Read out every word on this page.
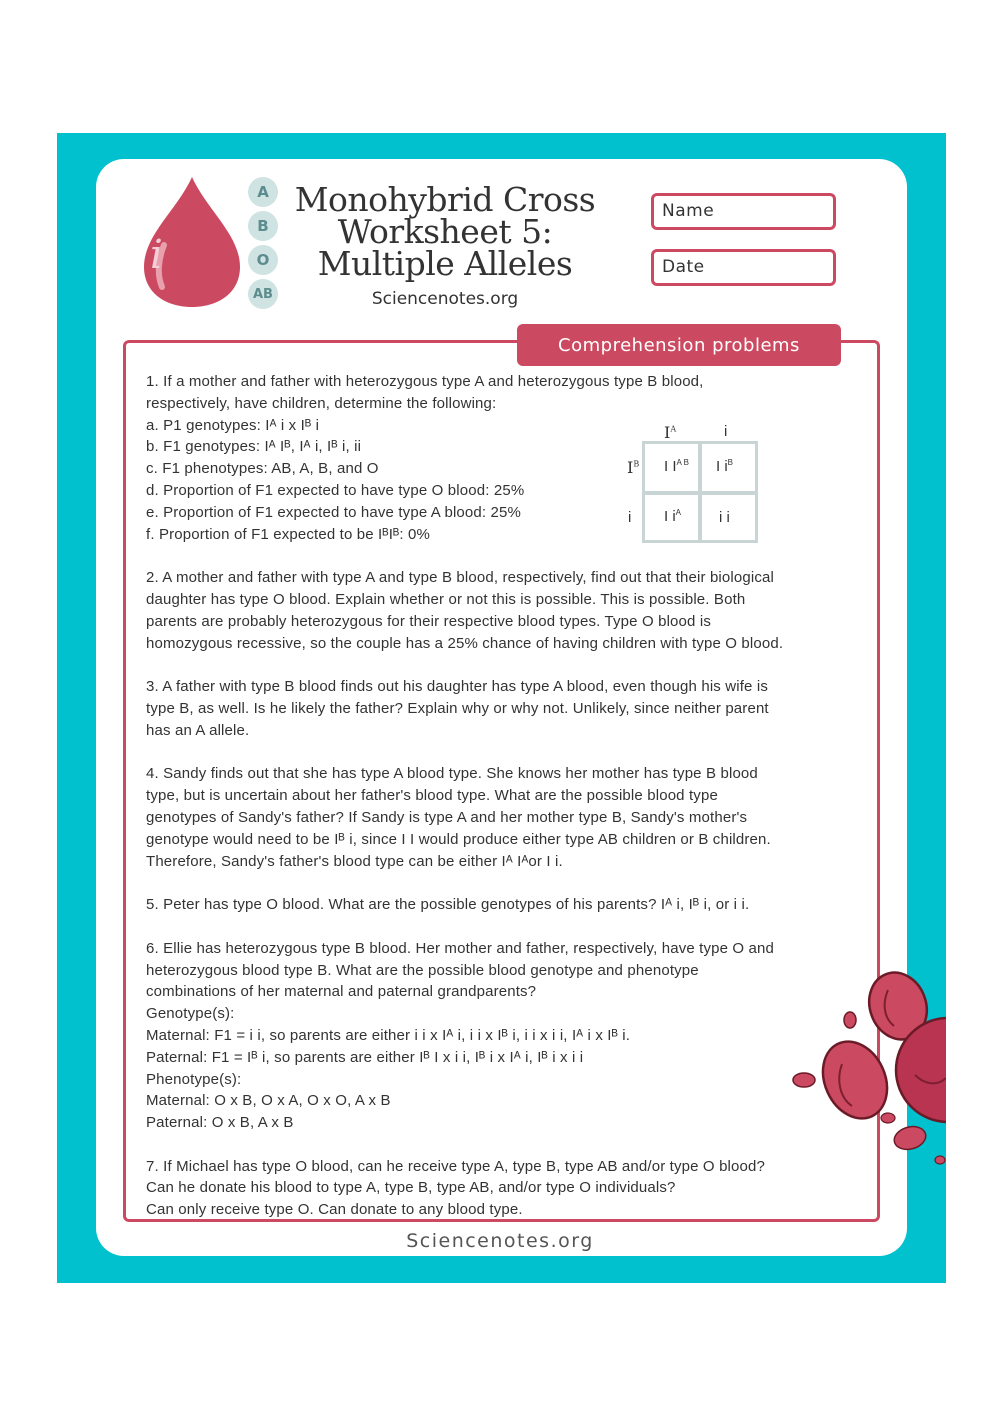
i
A
B
O
AB
Monohybrid Cross
Worksheet 5:
Multiple Alleles
Sciencenotes.org
Name
Date
Comprehension problems
$I^A$	i
$I^B$
i
I $I^{A B}$ I $i^B$
I $i^A$	i i

1. If a mother and father with heterozygous type A and heterozygous type B blood,
respectively, have children, determine the following:
a. P1 genotypes: Iᴬ i x Iᴮ i
b. F1 genotypes: Iᴬ Iᴮ, Iᴬ i, Iᴮ i, ii
c. F1 phenotypes: AB, A, B, and O
d. Proportion of F1 expected to have type O blood: 25%
e. Proportion of F1 expected to have type A blood: 25%
f. Proportion of F1 expected to be IᴮIᴮ: 0%

2. A mother and father with type A and type B blood, respectively, find out that their biological
daughter has type O blood. Explain whether or not this is possible. This is possible. Both
parents are probably heterozygous for their respective blood types. Type O blood is
homozygous recessive, so the couple has a 25% chance of having children with type O blood.

3. A father with type B blood finds out his daughter has type A blood, even though his wife is
type B, as well. Is he likely the father? Explain why or why not. Unlikely, since neither parent
has an A allele.

4. Sandy finds out that she has type A blood type. She knows her mother has type B blood
type, but is uncertain about her father's blood type. What are the possible blood type
genotypes of Sandy's father? If Sandy is type A and her mother type B, Sandy's mother's
genotype would need to be Iᴮ i, since I I would produce either type AB children or B children.
Therefore, Sandy's father's blood type can be either Iᴬ Iᴬor I i.

5. Peter has type O blood. What are the possible genotypes of his parents? Iᴬ i, Iᴮ i, or i i.

6. Ellie has heterozygous type B blood. Her mother and father, respectively, have type O and
heterozygous blood type B. What are the possible blood genotype and phenotype
combinations of her maternal and paternal grandparents?
Genotype(s):
Maternal: F1 = i i, so parents are either i i x Iᴬ i, i i x Iᴮ i, i i x i i, Iᴬ i x Iᴮ i.
Paternal: F1 = Iᴮ i, so parents are either Iᴮ I x i i, Iᴮ i x Iᴬ i, Iᴮ i x i i
Phenotype(s):
Maternal: O x B, O x A, O x O, A x B
Paternal: O x B, A x B

7. If Michael has type O blood, can he receive type A, type B, type AB and/or type O blood?
Can he donate his blood to type A, type B, type AB, and/or type O individuals?
Can only receive type O. Can donate to any blood type.

Sciencenotes.org
